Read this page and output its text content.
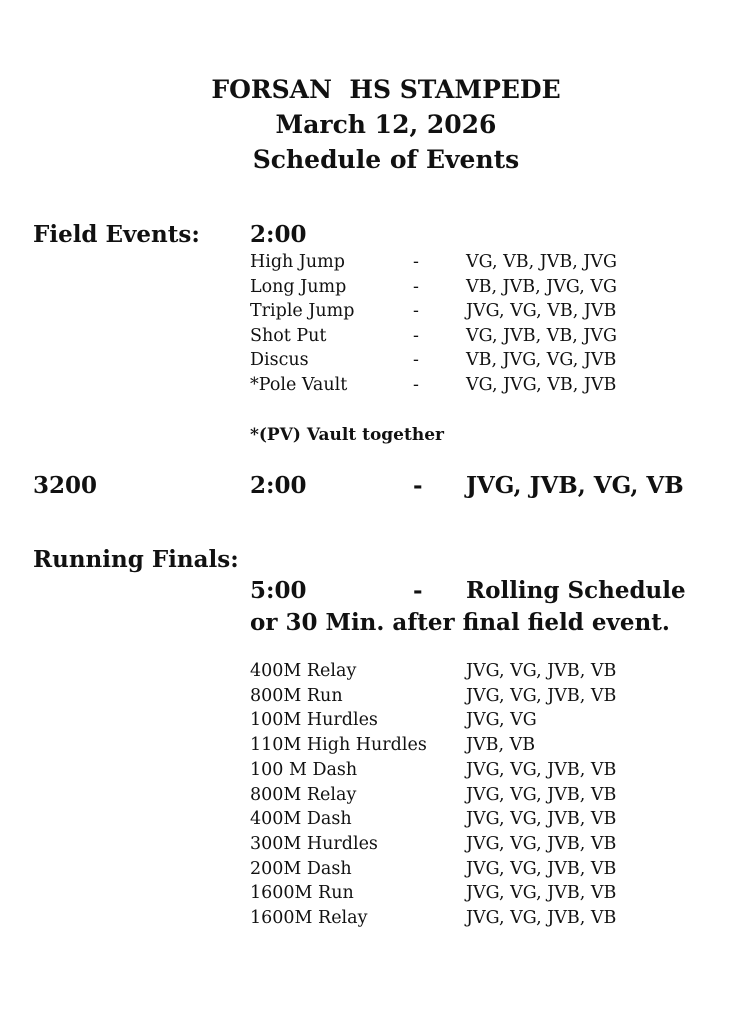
FORSAN  HS STAMPEDE
March 12, 2026
Schedule of Events
Field Events: 2:00
High Jump	-	VG, VB, JVB, JVG
Long Jump	-	VB, JVB, JVG, VG
Triple Jump	-	JVG, VG, VB, JVB
Shot Put	-	VG, JVB, VB, JVG
Discus	-	VB, JVG, VG, JVB
*Pole Vault	-	VG, JVG, VB, JVB
*(PV) Vault together
3200	2:00	- JVG, JVB, VG, VB
Running Finals:
5:00	- Rolling Schedule
or 30 Min. after final field event.
400M Relay	JVG, VG, JVB, VB
800M Run	JVG, VG, JVB, VB
100M Hurdles	JVG, VG
110M High Hurdles JVB, VB
100 M Dash	JVG, VG, JVB, VB
800M Relay	JVG, VG, JVB, VB
400M Dash	JVG, VG, JVB, VB
300M Hurdles	JVG, VG, JVB, VB
200M Dash	JVG, VG, JVB, VB
1600M Run	JVG, VG, JVB, VB
1600M Relay	JVG, VG, JVB, VB
